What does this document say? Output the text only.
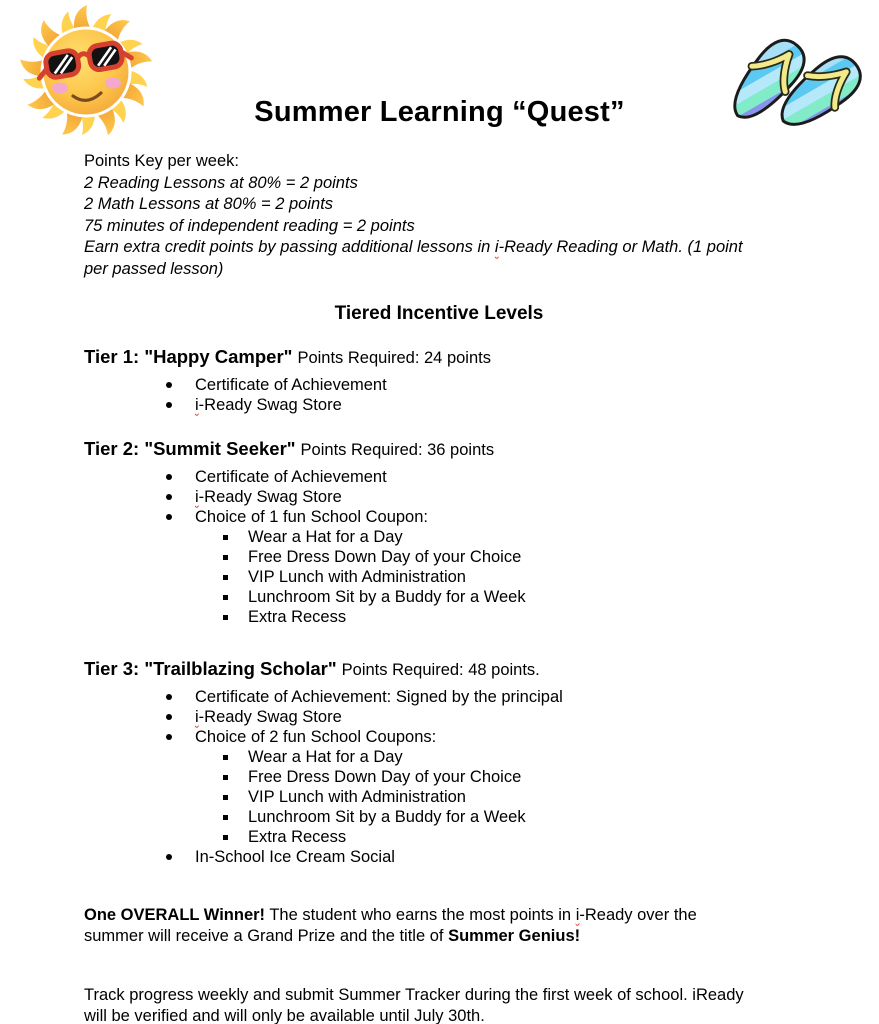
Summer Learning “Quest”
Points Key per week:
2 Reading Lessons at 80% = 2 points
2 Math Lessons at 80% = 2 points
75 minutes of independent reading = 2 points
Earn extra credit points by passing additional lessons in i-Ready Reading or Math. (1 point
per passed lesson)
Tiered Incentive Levels

Tier 1: "Happy Camper" Points Required: 24 points

Certificate of Achievement
i-Ready Swag Store

Tier 2: "Summit Seeker" Points Required: 36 points

Certificate of Achievement
i-Ready Swag Store
Choice of 1 fun School Coupon:
Wear a Hat for a Day
Free Dress Down Day of your Choice
VIP Lunch with Administration
Lunchroom Sit by a Buddy for a Week
Extra Recess

Tier 3: "Trailblazing Scholar" Points Required: 48 points.

Certificate of Achievement: Signed by the principal
i-Ready Swag Store
Choice of 2 fun School Coupons:
Wear a Hat for a Day
Free Dress Down Day of your Choice
VIP Lunch with Administration
Lunchroom Sit by a Buddy for a Week
Extra Recess
In-School Ice Cream Social
One OVERALL Winner! The student who earns the most points in i-Ready over the
summer will receive a Grand Prize and the title of Summer Genius!
Track progress weekly and submit Summer Tracker during the first week of school. iReady
will be verified and will only be available until July 30th.
